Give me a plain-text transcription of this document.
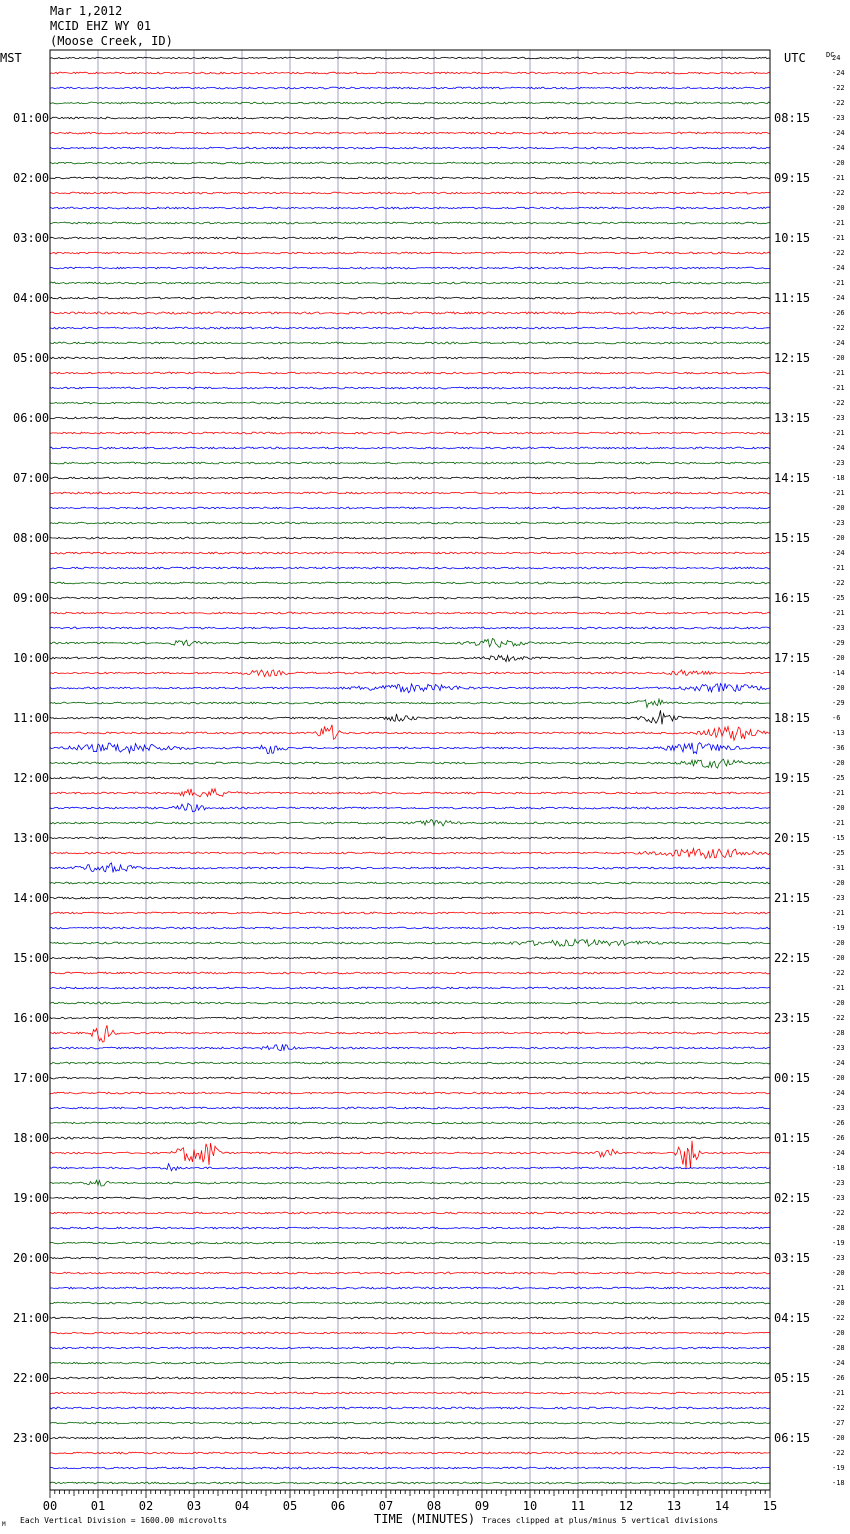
Mar 1,2012
MCID EHZ WY 01
(Moose Creek, ID)
01:00
02:00
03:00
04:00
05:00
06:00
07:00
08:00
09:00
10:00
11:00
12:00
13:00
14:00
15:00
16:00
17:00
18:00
19:00
20:00
21:00
22:00
23:00
08:15
09:15
10:15
11:15
12:15
13:15
14:15
15:15
16:15
17:15
18:15
19:15
20:15
21:15
22:15
23:15
00:15
01:15
02:15
03:15
04:15
05:15
06:15
24
-24
-22
-22
-23
-24
-24
-20
-21
-22
-20
-21
-21
-22
-24
-21
-24
-26
-22
-24
-20
-21
-21
-22
-23
-21
-24
-23
-18
-21
-20
-23
-20
-24
-21
-22
-25
-21
-23
-29
-20
-14
-20
-29
-6
-13
-36
-20
-25
-21
-20
-21
-15
-25
-31
-20
-23
-21
-19
-20
-20
-22
-21
-20
-22
-28
-23
-24
-20
-24
-23
-26
-26
-24
-18
-23
-23
-22
-28
-19
-23
-20
-21
-20
-22
-20
-28
-24
-26
-21
-22
-27
-20
-22
-19
-18
00	01	02	03	04	05	06	07	08	09	10	11	12	13	14	15
MST	UTC	DC
M Each Vertical Division = 1600.00 microvolts	TIME (MINUTES) Traces clipped at plus/minus 5 vertical divisions
